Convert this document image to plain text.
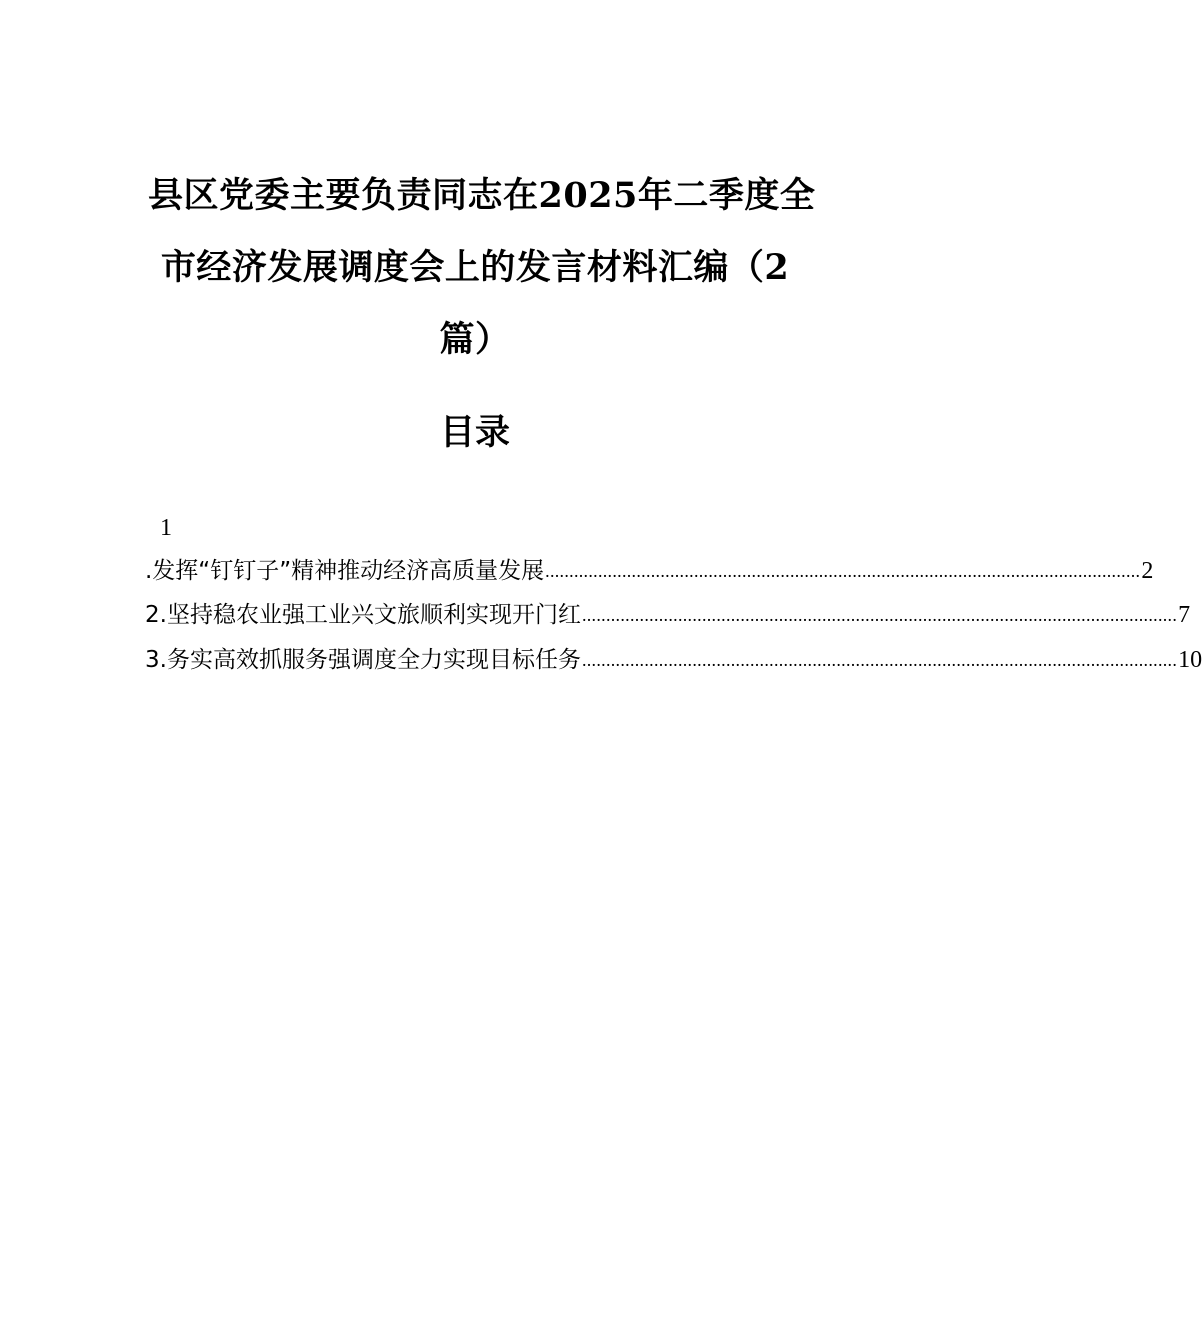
县区党委主要负责同志在2025年二季度全
市经济发展调度会上的发言材料汇编（2
篇）
目录
1
.发挥“钉钉子”精神推动经济高质量发展 ............................................................................................................................ 2
2.坚持稳农业强工业兴文旅顺利实现开门红 ............................................................................................................................ 7
3.务实高效抓服务强调度全力实现目标任务 ............................................................................................................................ 10
